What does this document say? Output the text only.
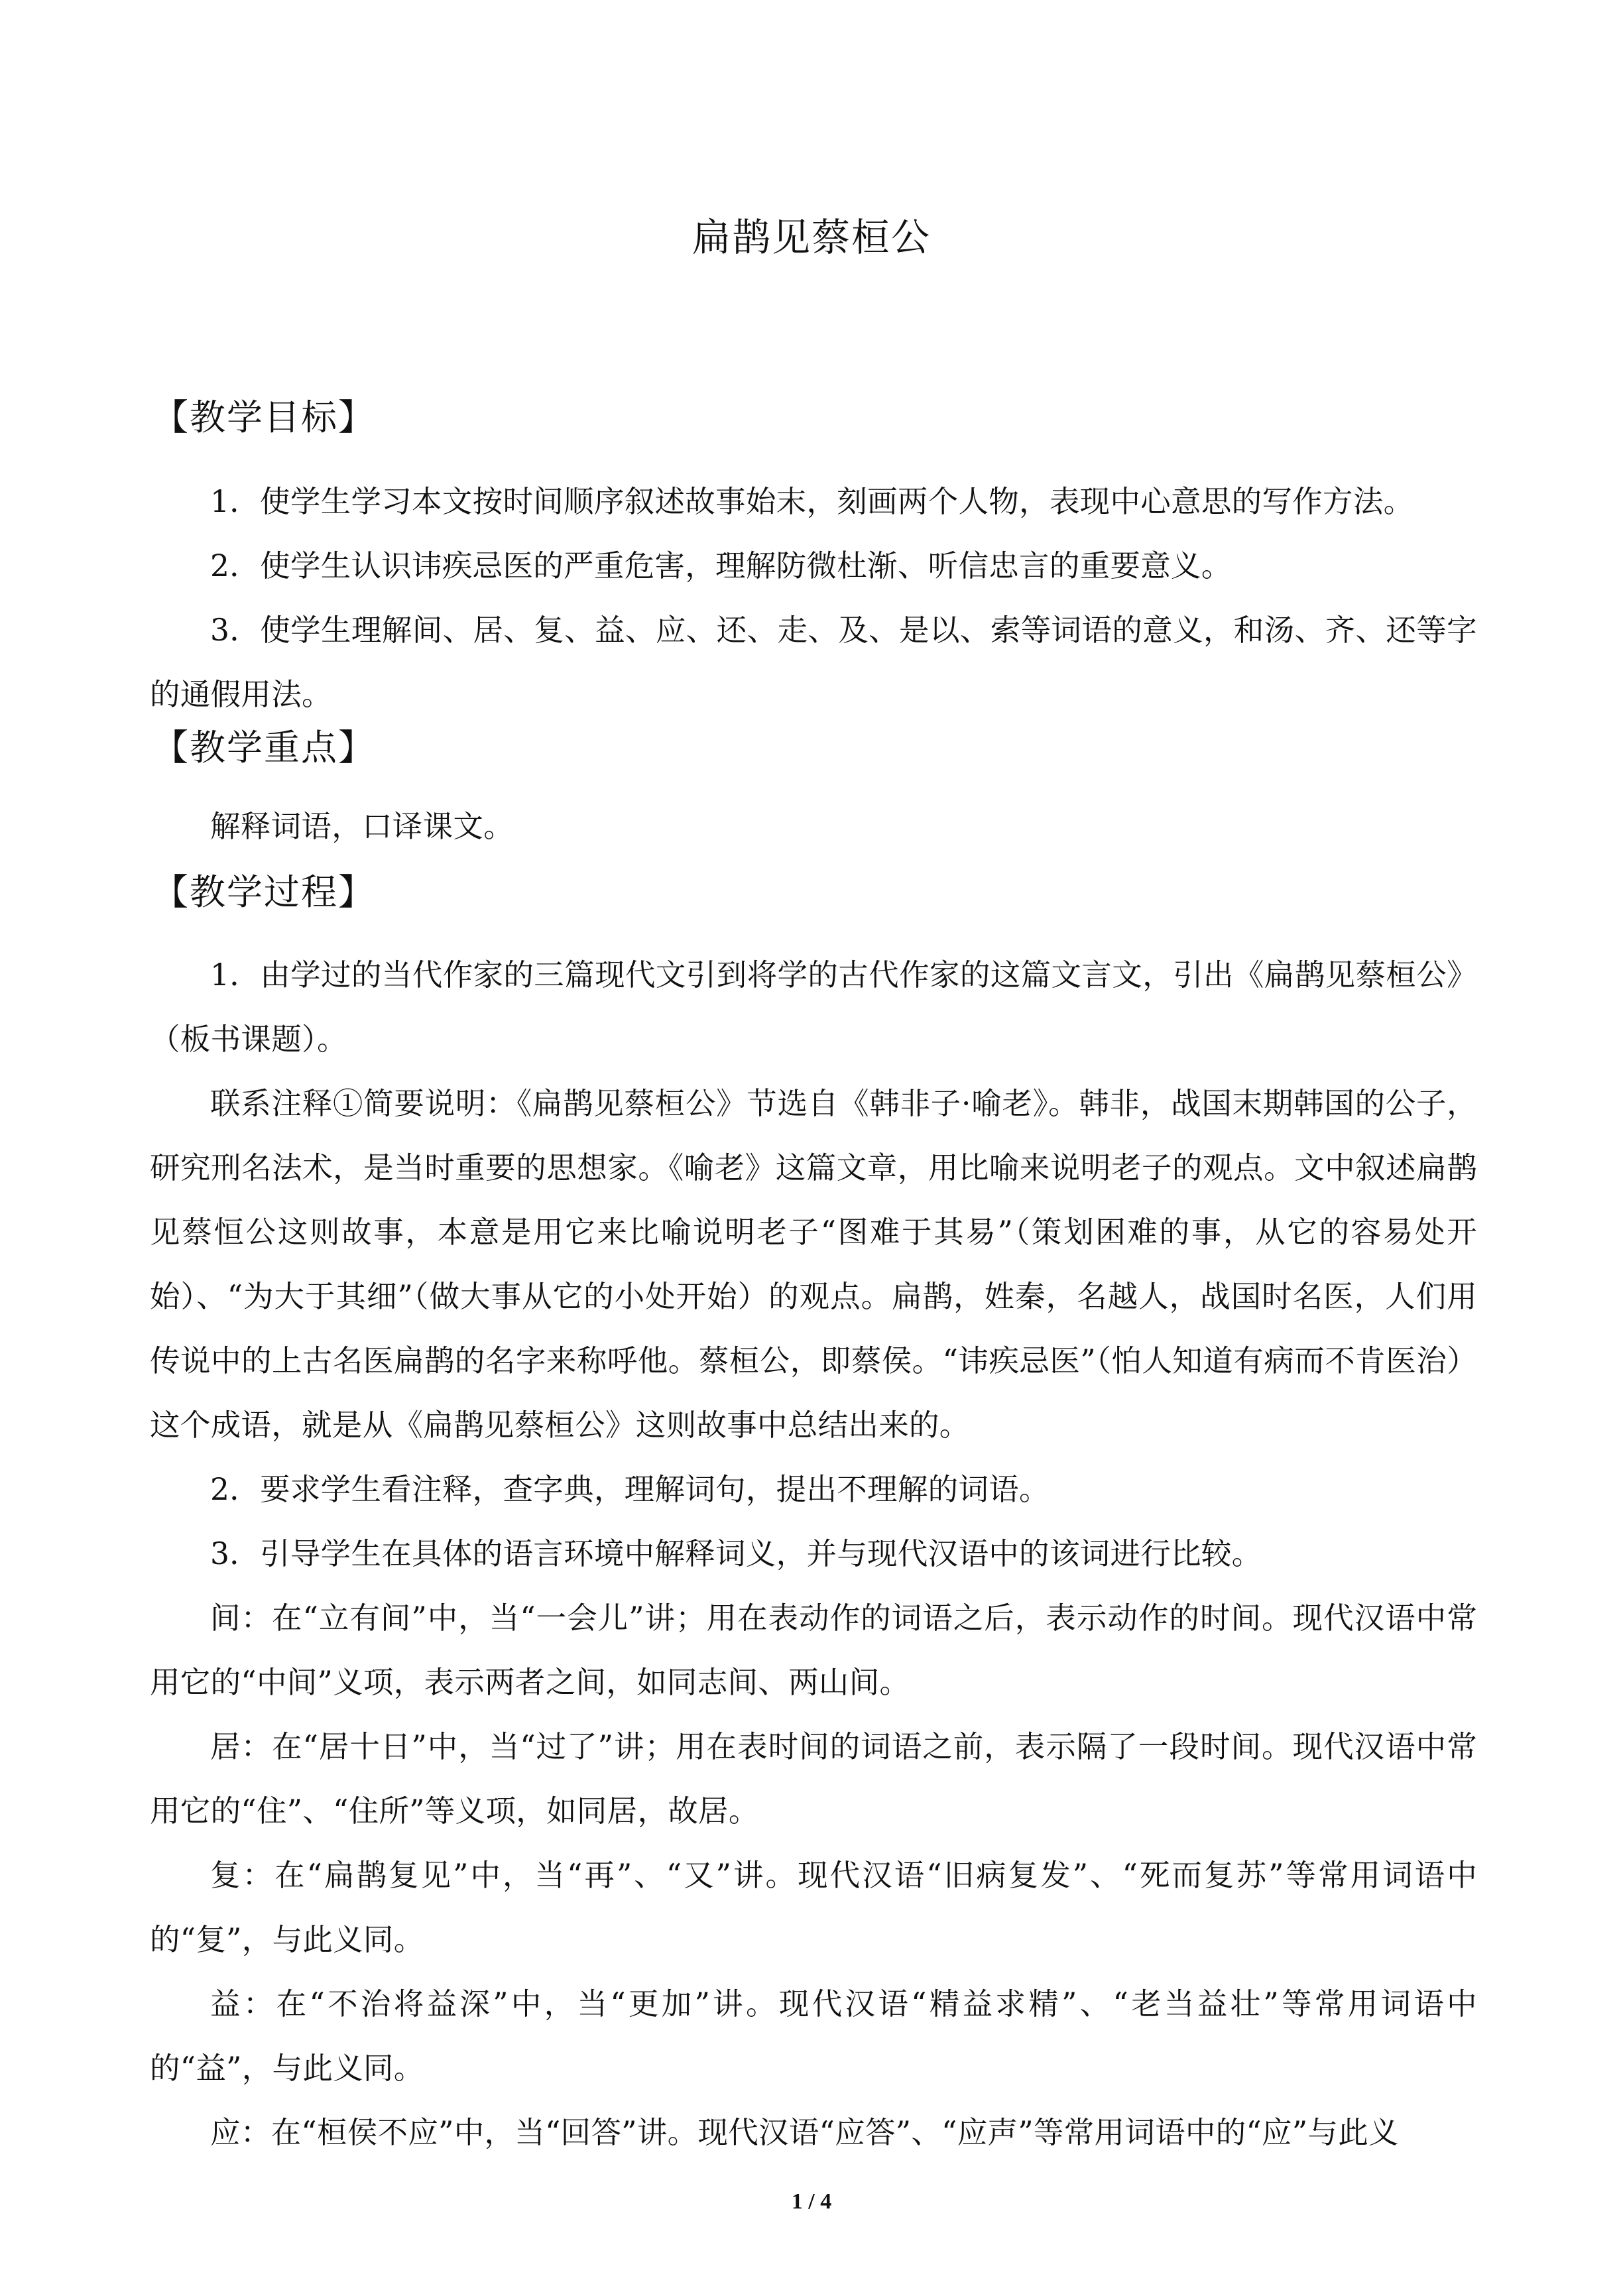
扁鹊见蔡桓公
【教学目标】
1．使学生学习本文按时间顺序叙述故事始末，刻画两个人物，表现中心意思的写作方法。
2．使学生认识讳疾忌医的严重危害，理解防微杜渐、听信忠言的重要意义。
3．使学生理解间、居、复、益、应、还、走、及、是以、索等词语的意义，和汤、齐、还等字的通假用法。
【教学重点】
解释词语，口译课文。
【教学过程】
1．由学过的当代作家的三篇现代文引到将学的古代作家的这篇文言文，引出《扁鹊见蔡桓公》（板书课题）。
联系注释①简要说明：《扁鹊见蔡桓公》节选自《韩非子·喻老》。韩非，战国末期韩国的公子，研究刑名法术，是当时重要的思想家。《喻老》这篇文章，用比喻来说明老子的观点。文中叙述扁鹊见蔡恒公这则故事，本意是用它来比喻说明老子“图难于其易”（策划困难的事，从它的容易处开始）、“为大于其细”（做大事从它的小处开始）的观点。扁鹊，姓秦，名越人，战国时名医，人们用传说中的上古名医扁鹊的名字来称呼他。蔡桓公，即蔡侯。“讳疾忌医”（怕人知道有病而不肯医治）这个成语，就是从《扁鹊见蔡桓公》这则故事中总结出来的。
2．要求学生看注释，查字典，理解词句，提出不理解的词语。
3．引导学生在具体的语言环境中解释词义，并与现代汉语中的该词进行比较。
间：在“立有间”中，当“一会儿”讲；用在表动作的词语之后，表示动作的时间。现代汉语中常用它的“中间”义项，表示两者之间，如同志间、两山间。
居：在“居十日”中，当“过了”讲；用在表时间的词语之前，表示隔了一段时间。现代汉语中常用它的“住”、“住所”等义项，如同居，故居。
复：在“扁鹊复见”中，当“再”、“又”讲。现代汉语“旧病复发”、“死而复苏”等常用词语中的“复”，与此义同。
益：在“不治将益深”中，当“更加”讲。现代汉语“精益求精”、“老当益壮”等常用词语中的“益”，与此义同。
应：在“桓侯不应”中，当“回答”讲。现代汉语“应答”、“应声”等常用词语中的“应”与此义
1 / 4
